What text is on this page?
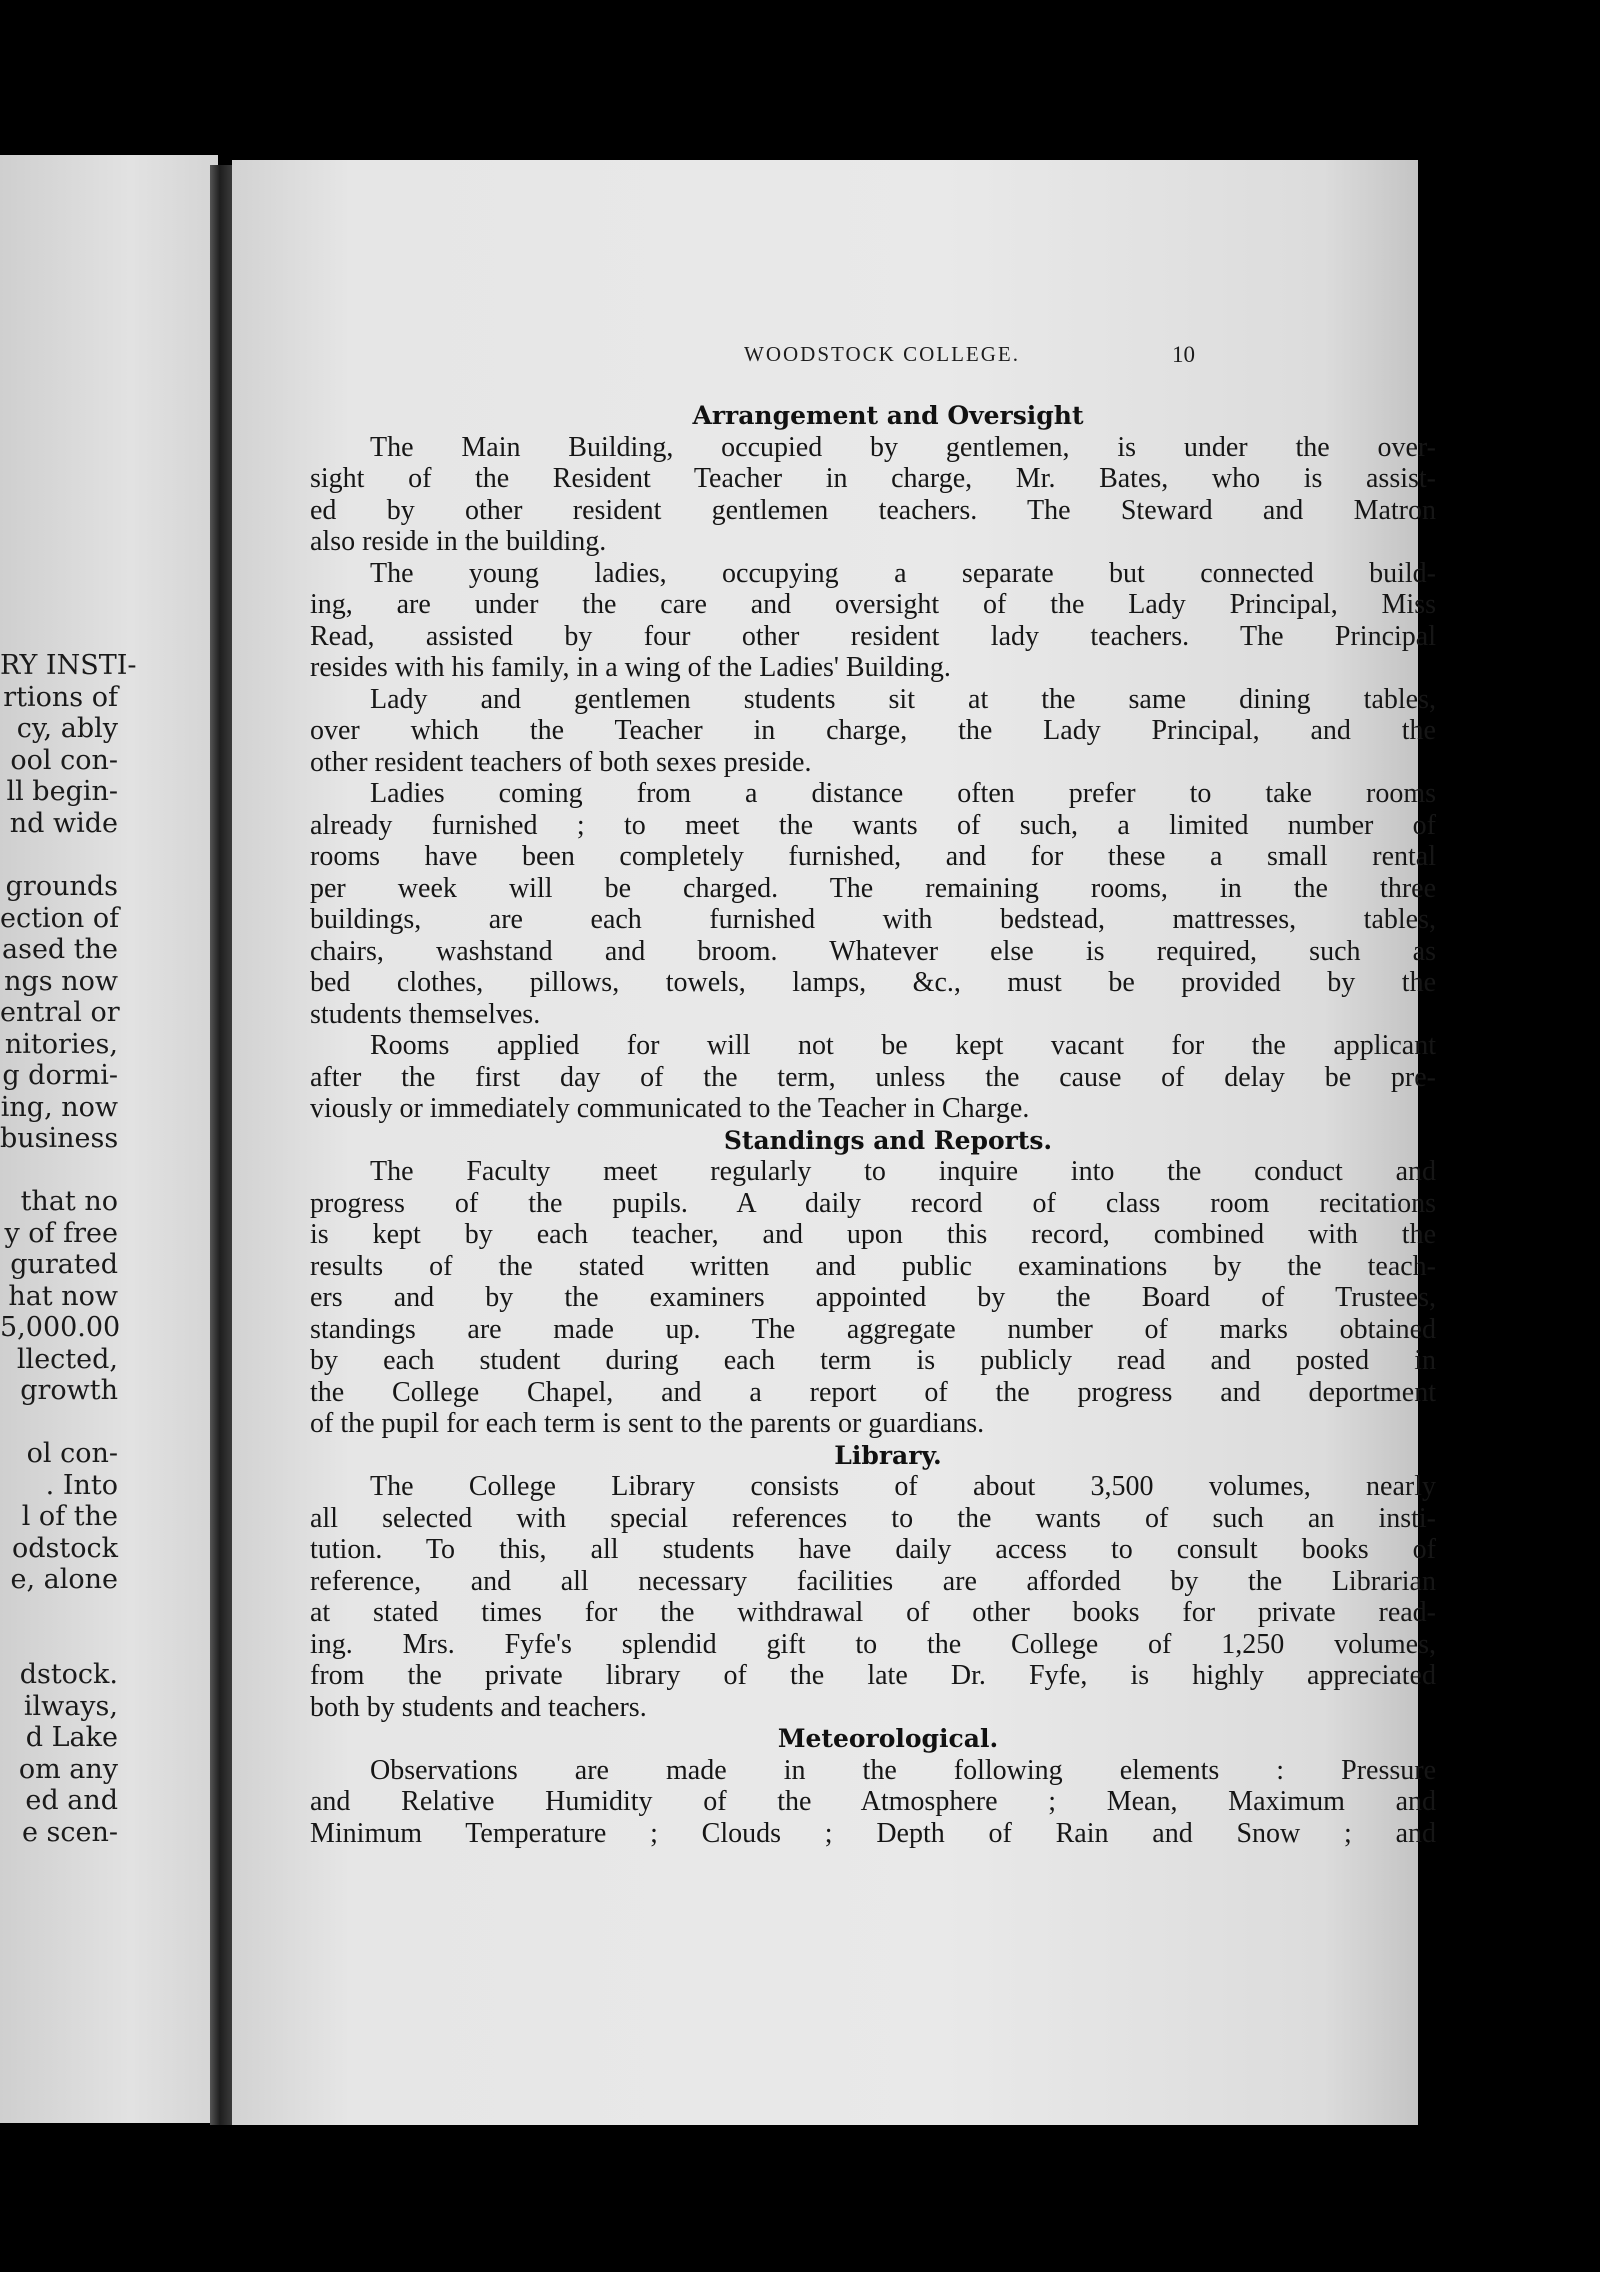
RY INSTI-
rtions of
cy, ably
ool con-
ll begin-
nd wide
grounds
ection of
ased the
ngs now
entral or
nitories,
g dormi-
ing, now
business
that no
y of free
gurated
hat now
5,000.00
llected,
growth
ol con-
. Into
l of the
odstock
e, alone
dstock.
ilways,
d Lake
om any
ed and
e scen-
WOODSTOCK COLLEGE.	10
Arrangement and Oversight
The Main Building, occupied by gentlemen, is under the over-
sight of the Resident Teacher in charge, Mr. Bates, who is assist-
ed by other resident gentlemen teachers. The Steward and Matron
also reside in the building.
The young ladies, occupying a separate but connected build-
ing, are under the care and oversight of the Lady Principal, Miss
Read, assisted by four other resident lady teachers. The Principal
resides with his family, in a wing of the Ladies' Building.
Lady and gentlemen students sit at the same dining tables,
over which the Teacher in charge, the Lady Principal, and the
other resident teachers of both sexes preside.
Ladies coming from a distance often prefer to take rooms
already furnished ; to meet the wants of such, a limited number of
rooms have been completely furnished, and for these a small rental
per week will be charged. The remaining rooms, in the three
buildings, are each furnished with bedstead, mattresses, tables,
chairs, washstand and broom. Whatever else is required, such as
bed clothes, pillows, towels, lamps, &c., must be provided by the
students themselves.
Rooms applied for will not be kept vacant for the applicant
after the first day of the term, unless the cause of delay be pre-
viously or immediately communicated to the Teacher in Charge.
Standings and Reports.
The Faculty meet regularly to inquire into the conduct and
progress of the pupils. A daily record of class room recitations
is kept by each teacher, and upon this record, combined with the
results of the stated written and public examinations by the teach-
ers and by the examiners appointed by the Board of Trustees,
standings are made up. The aggregate number of marks obtained
by each student during each term is publicly read and posted in
the College Chapel, and a report of the progress and deportment
of the pupil for each term is sent to the parents or guardians.
Library.
The College Library consists of about 3,500 volumes, nearly
all selected with special references to the wants of such an insti-
tution. To this, all students have daily access to consult books of
reference, and all necessary facilities are afforded by the Librarian
at stated times for the withdrawal of other books for private read-
ing. Mrs. Fyfe's splendid gift to the College of 1,250 volumes,
from the private library of the late Dr. Fyfe, is highly appreciated
both by students and teachers.
Meteorological.
Observations are made in the following elements : Pressure
and Relative Humidity of the Atmosphere ; Mean, Maximum and
Minimum Temperature ; Clouds ; Depth of Rain and Snow ; and
